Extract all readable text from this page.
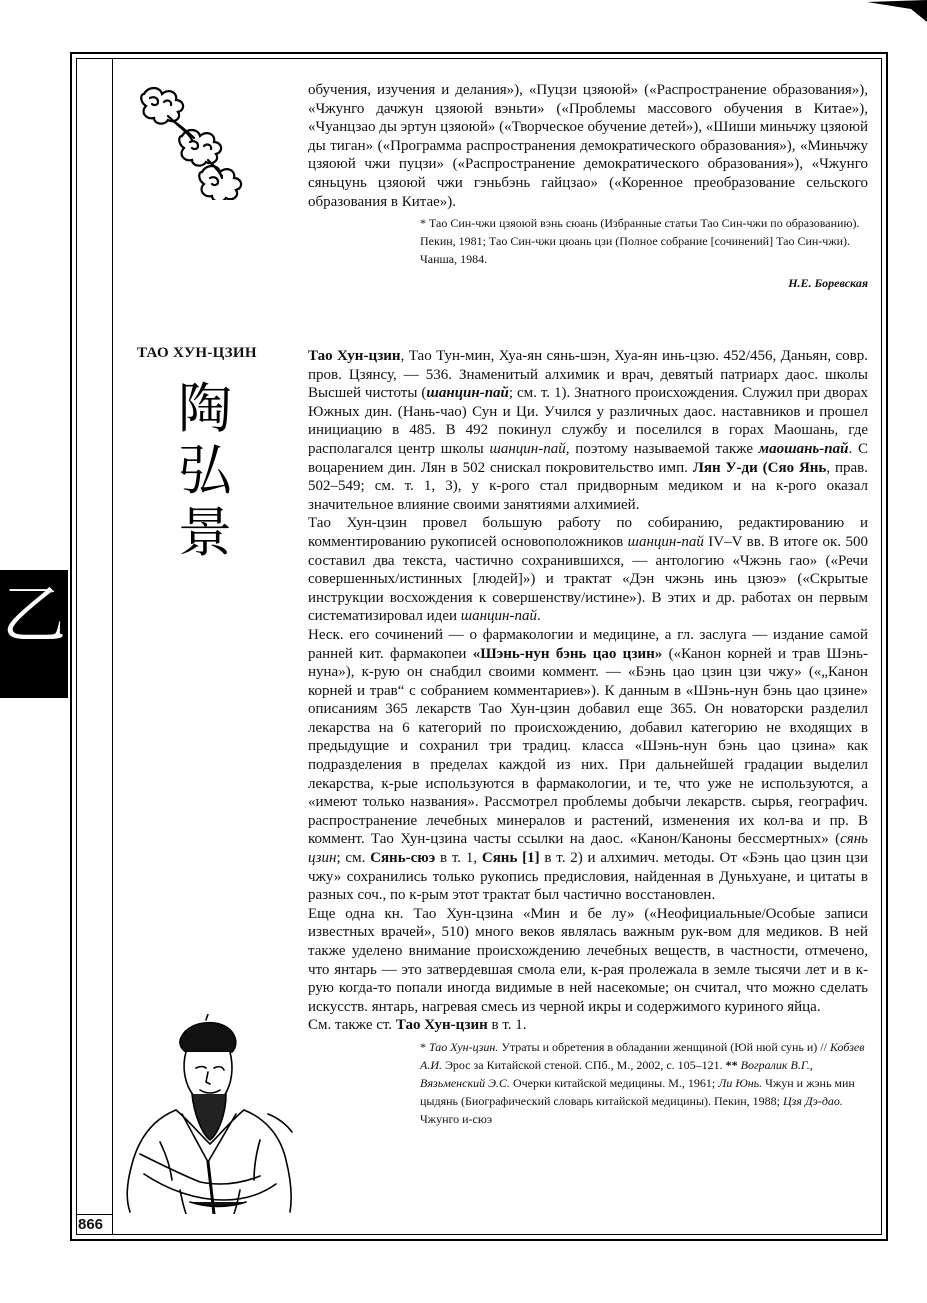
866
乙

обучения, изучения и делания»), «Пуцзи цзяоюй» («Распространение образования»), «Чжунго дачжун цзяоюй вэньти» («Проблемы массового обучения в Китае»), «Чуанцзао ды эртун цзяоюй» («Творческое обучение детей»), «Шиши миньчжу цзяоюй ды тиган» («Программа распространения демократического образования»), «Миньчжу цзяоюй чжи пуцзи» («Распространение демократического образования»), «Чжунго сяньцунь цзяоюй чжи гэньбэнь гайцзао» («Коренное преобразование сельского образования в Китае»).

* Тао Син-чжи цзяоюй вэнь сюань (Избранные статьи Тао Син-чжи по образованию). Пекин, 1981; Тао Син-чжи цюань цзи (Полное собрание [сочинений] Тао Син-чжи). Чанша, 1984.

Н.Е. Боревская

ТАО ХУН-ЦЗИН
陶
弘
景

Тао Хун-цзин, Тао Тун-мин, Хуа-ян сянь-шэн, Хуа-ян инь-цзю. 452/456, Даньян, совр. пров. Цзянсу, — 536. Знаменитый алхимик и врач, девятый патриарх даос. школы Высшей чистоты (шанцин-пай; см. т. 1). Знатного происхождения. Служил при дворах Южных дин. (Нань-чао) Сун и Ци. Учился у различных даос. наставников и прошел инициацию в 485. В 492 покинул службу и поселился в горах Маошань, где располагался центр школы шанцин-пай, поэтому называемой также маошань-пай. С воцарением дин. Лян в 502 снискал покровительство имп. Лян У-ди (Сяо Янь, прав. 502–549; см. т. 1, 3), у к-рого стал придворным медиком и на к-рого оказал значительное влияние своими занятиями алхимией.

Тао Хун-цзин провел большую работу по собиранию, редактированию и комментированию рукописей основоположников шанцин-пай IV–V вв. В итоге ок. 500 составил два текста, частично сохранившихся, — антологию «Чжэнь гао» («Речи совершенных/истинных [людей]») и трактат «Дэн чжэнь инь цзюэ» («Скрытые инструкции восхождения к совершенству/истине»). В этих и др. работах он первым систематизировал идеи шанцин-пай.

Неск. его сочинений — о фармакологии и медицине, а гл. заслуга — издание самой ранней кит. фармакопеи «Шэнь-нун бэнь цао цзин» («Канон корней и трав Шэнь-нуна»), к-рую он снабдил своими коммент. — «Бэнь цао цзин цзи чжу» («„Канон корней и трав“ с собранием комментариев»). К данным в «Шэнь-нун бэнь цао цзине» описаниям 365 лекарств Тао Хун-цзин добавил еще 365. Он новаторски разделил лекарства на 6 категорий по происхождению, добавил категорию не входящих в предыдущие и сохранил три традиц. класса «Шэнь-нун бэнь цао цзина» как подразделения в пределах каждой из них. При дальнейшей градации выделил лекарства, к-рые используются в фармакологии, и те, что уже не используются, а «имеют только названия». Рассмотрел проблемы добычи лекарств. сырья, географич. распространение лечебных минералов и растений, изменения их кол-ва и пр. В коммент. Тао Хун-цзина часты ссылки на даос. «Канон/Каноны бессмертных» (сянь цзин; см. Сянь-сюэ в т. 1, Сянь [1] в т. 2) и алхимич. методы. От «Бэнь цао цзин цзи чжу» сохранились только рукопись предисловия, найденная в Дуньхуане, и цитаты в разных соч., по к-рым этот трактат был частично восстановлен.

Еще одна кн. Тао Хун-цзина «Мин и бе лу» («Неофициальные/Особые записи известных врачей», 510) много веков являлась важным рук-вом для медиков. В ней также уделено внимание происхождению лечебных веществ, в частности, отмечено, что янтарь — это затвердевшая смола ели, к-рая пролежала в земле тысячи лет и в к-рую когда-то попали иногда видимые в ней насекомые; он считал, что можно сделать искусств. янтарь, нагревая смесь из черной икры и содержимого куриного яйца.

См. также ст. Тао Хун-цзин в т. 1.

* Тао Хун-цзин. Утраты и обретения в обладании женщиной (Юй нюй сунь и) // Кобзев А.И. Эрос за Китайской стеной. СПб., М., 2002, с. 105–121. ** Вогралик В.Г., Вязьменский Э.С. Очерки китайской медицины. М., 1961; Ли Юнь. Чжун и жэнь мин цыдянь (Биографический словарь китайской медицины). Пекин, 1988; Цзя Дэ-дао. Чжунго и-сюэ
